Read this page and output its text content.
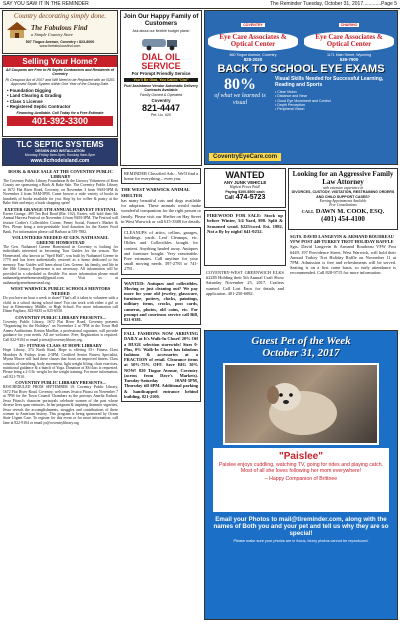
SAY YOU SAW IT IN THE REMINDER	The Reminder Tuesday, October 31, 2017.............Page 5
Country decorating simply done.
The Fabulous Find
a Simple Country Store
507 Tiogue Avenue, Coventry • 823-8000
www.thefabulousfind.com
Selling Your Home?
All Coupons are Free to RI Septic Contractors and Residents of Coventry
RI Cesspool Act of 2007 and Will Need to be Replaced with an ISDS Approved Septic System within One Year of the Closing Date.
• Foundation Digging
• Land Clearing & Grading
• Class 1 License
• Registered Septic Contractor
Financing Available. Call Today for a Free Estimate
401-392-3300
TLC SEPTIC SYSTEMS
DESIGN AND INSTALLATION
Monday-Friday 8am-5pm, Sunday 9am-5pm
www.tlcrhodeisland.com
Join Our Happy Family of Customers
Ask about our flexible budget plans!
DIAL OIL SERVICE
For Prompt Friendly Service
You'll Be Glad, You Called "Dial"
Fuel Assistance Vendor Automatic Delivery Contracts Available
Family Owned & Operated
Coventry
821-4447
Pet. Lic. #20
COVENTRY
Eye Care Associates & Optical Center
860 Tiogue Avenue, Coventry
828-2020
CHARIHO
Eye Care Associates & Optical Center
1171 Main Street, Wyoming
539-7900
BACK TO SCHOOL EYE EXAMS
80%
of what we learned is visual
Visual Skills Needed for Successful Learning, Reading and Sports
• Clear Vision
• Distance and Near
• Good Eye Movement and Control
• Depth Perception
• Peripheral Vision
CoventryEyeCare.com
BOOK & BAKE SALE AT THE COVENTRY PUBLIC LIBRARY

The Coventry Public Library Foundation & the Literacy Volunteers of Kent County are sponsoring a Book & Bake Sale. The Coventry Public Library at 1672 Flat River Road, Coventry, on November 3 from 9AM-5PM & November 4 from 9AM-5PM. Come browse a wide variety of books in hundreds of books available for you. Stop by for coffee & pastry at the Bake Sale and enjoy a book shopping spree!

EXETER GRANGE 5TH ANNUAL HARVEST FESTIVAL

Exeter Grange, 499 Ten Rod Road (Rte. 102), Exeter, will hold their 5th Annual Harvest Festival on November 4 from 9AM-3PM. The Festival will feature Crafter's Collectibles Corner, Penny Social, Farmer's Market & Pies. Please bring a non-perishable food donation for the Exeter Food Bank. For information please call Barbara at 539-7882.

VOLUNTEERS NEEDED AT GEN. NATHANAEL GREENE HOMESTEAD

The Gen. Nathanael Greene Homestead in Coventry is looking for individuals interested in becoming Tour Guides for the season. The Homestead, also known as "Spell Hall", was built by Nathanael Greene in 1770 and has been authentically restored as a home dedicated to his memory. Tour Guides will learn about Gen. Greene, his family, and life in the 18th Century. Experience is not necessary. All information will be provided in a scheduled or flexible. For more information please email nathanaelgreenehomestead@gmail.com. Visit us at nathanaelgreenehomestead.org.

WEST WARWICK PUBLIC SCHOOLS MENTORS NEEDED

Do you have an hour a week to share? That's all it takes to volunteer with a child, in a school during school time! You can work with either a girl or boy in Elementary, Middle, or High School. For more information call Diane Pagliaro, 822-8435 or 825-6530.

COVENTRY PUBLIC LIBRARY PRESENTS...

Coventry Public Library, 1672 Flat River Road, Coventry presents "Organizing for the Holidays" on November 2 at 7PM in the Town Hall Annex Auditorium. Kristin MacRae, a professional organizer, will provide guidance for your needs. All are welcome. Free, Registration is required. Call 822-9104 or email jrivera@coventrylibrary.org.

55+ FITNESS CLASS AT HOPE LIBRARY

Hope Library, 374 North Road, Hope is offering 55+ Fitness Class Mondays & Fridays from 2-3PM. Certified Senior Fitness Specialist, Myrna Moore will lead these classes that focus on improved fitness. Class consists of stretching, body movement, light weight lifting, chair exercises, nutritional guidance & a bunch of Yoga. Donation of $3/class is requested. Please bring a 2-3 lb. weight for the weight training. For more information, call 821-7910.

COVENTRY PUBLIC LIBRARY PRESENTS...

RESCHEDULED FROM SEPTEMBER 19: Coventry Public Library, 1672 Flat River Road, Coventry, welcomes Jessica Pitassi on November 7 at 7PM for the Town Council Chambers as the portrays Amelia Earhart. Jessa Pitassi's character portrayals celebrate women of the past whose diverse lives span centuries. In her poignant & inspiring dramatic vignettes, Jessa reveals the accomplishments, struggles and contributions of these women to American history. This program is being sponsored by Ocean State Urgent Care. To register for this event or for more information, call Jane at 822-9104 or email jo@coventrylibrary.org

REMINDER Classified Ads... We'll find a home for everything... even you.
THE WEST WARWICK ANIMAL SHELTER
has many beautiful cats and dogs available for adoption. These animals would make wonderful companions for the right person or family. Please visit our Shelter on Hay Street in West Warwick or call 615-3388 for details.
CLEANUPS of attics, cellars, garages, buildings, yards. Leaf Cleanups, etc. Oldies and Collectibles bought for content. Anything hauled away. Antiques and furniture bought. Very reasonable. Free estimates. Call anytime for your small moving needs. 397-2783 or 741-2781.
WANTED: Antiques and collectibles. Moving or just cleaning out? We pay more for your old jewelry, glassware, furniture, pottery, clocks, paintings, military items, crocks, post cards, cameras, photos, old coins, etc. For prompt and courteous service call Bill, 821-0381.
FALL FASHIONS NOW ARRIVING DAILY at It's Walk-In Closet! 20% Off a HUGE selection storewide! Sizes 0-Plus, 0% Walk-In Closet has fabulous fashions & accessories at a FRACTION of retail. Clearance items at 50%-75% OFF. Save BIG 30% NOW! 820 Tiogue Avenue, Coventry (across from Dave's Markets). Tuesday-Saturday 10AM-5PM, Thursday till 6PM. Additional parking & handicapped entrance behind building. 821-2100.
WANTED
ANY JUNK VEHICLE
Highest Prices Paid!
Paying $100-$500 cash
Call 474-5723
Looking for an Aggressive Family Law Attorney
with extensive experience in
DIVORCES, CUSTODY, VISITATION, RESTRAINING ORDERS AND CHILD SUPPORT CASES?
Evening Appointments Available
Free Consultations
CALL DAWN M. COOK, ESQ.
(401) 454-4100
FIREWOOD FOR SALE: Stock up before Winter, 3/4 Yard, $90. Split & Seasoned wood. $225/cord. Est. 1982. Not a fly by night! 641-0232.
COVENTRY-WEST GREENWICH ELKS #2285 Holding their 5th Annual Craft Show Saturday November 25, 2017. Crafters wanted. Call Lori Enos for details and application. 401-250-6082.
SGTS. DAVID LANGEVIN & ARMAND BOUDREAU VFW POST 449 TURKEY TROT HOLIDAY RAFFLE
Sgts. David Langevin & Armand Boudreau VFW Post #449, 197 Providence Street, West Warwick, will hold their Annual Turkey Trot Holiday Raffle on November 11 at 7PM. Admission is free and refreshments will be served. Seating is on a first come basis, so early attendance is recommended. Call 828-9715 for more information.
Guest Pet of the Week
October 31, 2017
"Paislee"
Paislee enjoys cuddling, watching TV, going for rides and playing catch. Most of all she loves following her mom everywhere!
– Happy Companion of Brittnee
Email your Photos to mail@tireminder.com, along with the names of Both you and your pet and tell us why they are so special!
Please make sure your photos are in focus, blurry photos cannot be reproduced.
